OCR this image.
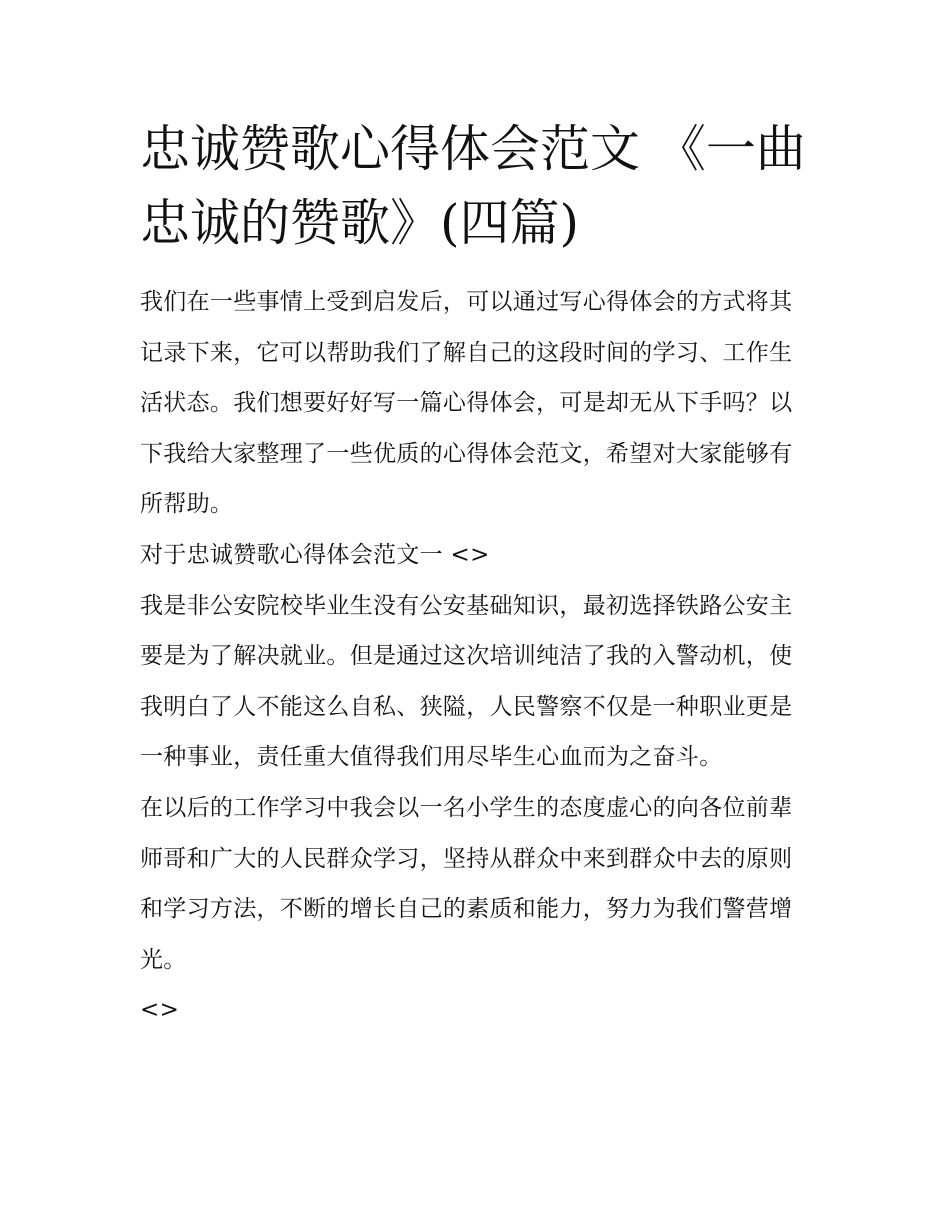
忠诚赞歌心得体会范文 《一曲忠诚的赞歌》(四篇)

我们在一些事情上受到启发后，可以通过写心得体会的方式将其记录下来，它可以帮助我们了解自己的这段时间的学习、工作生活状态。我们想要好好写一篇心得体会，可是却无从下手吗？以下我给大家整理了一些优质的心得体会范文，希望对大家能够有所帮助。

对于忠诚赞歌心得体会范文一 <>

我是非公安院校毕业生没有公安基础知识，最初选择铁路公安主要是为了解决就业。但是通过这次培训纯洁了我的入警动机，使我明白了人不能这么自私、狭隘，人民警察不仅是一种职业更是一种事业，责任重大值得我们用尽毕生心血而为之奋斗。

在以后的工作学习中我会以一名小学生的态度虚心的向各位前辈师哥和广大的人民群众学习，坚持从群众中来到群众中去的原则和学习方法，不断的增长自己的素质和能力，努力为我们警营增光。

<>
